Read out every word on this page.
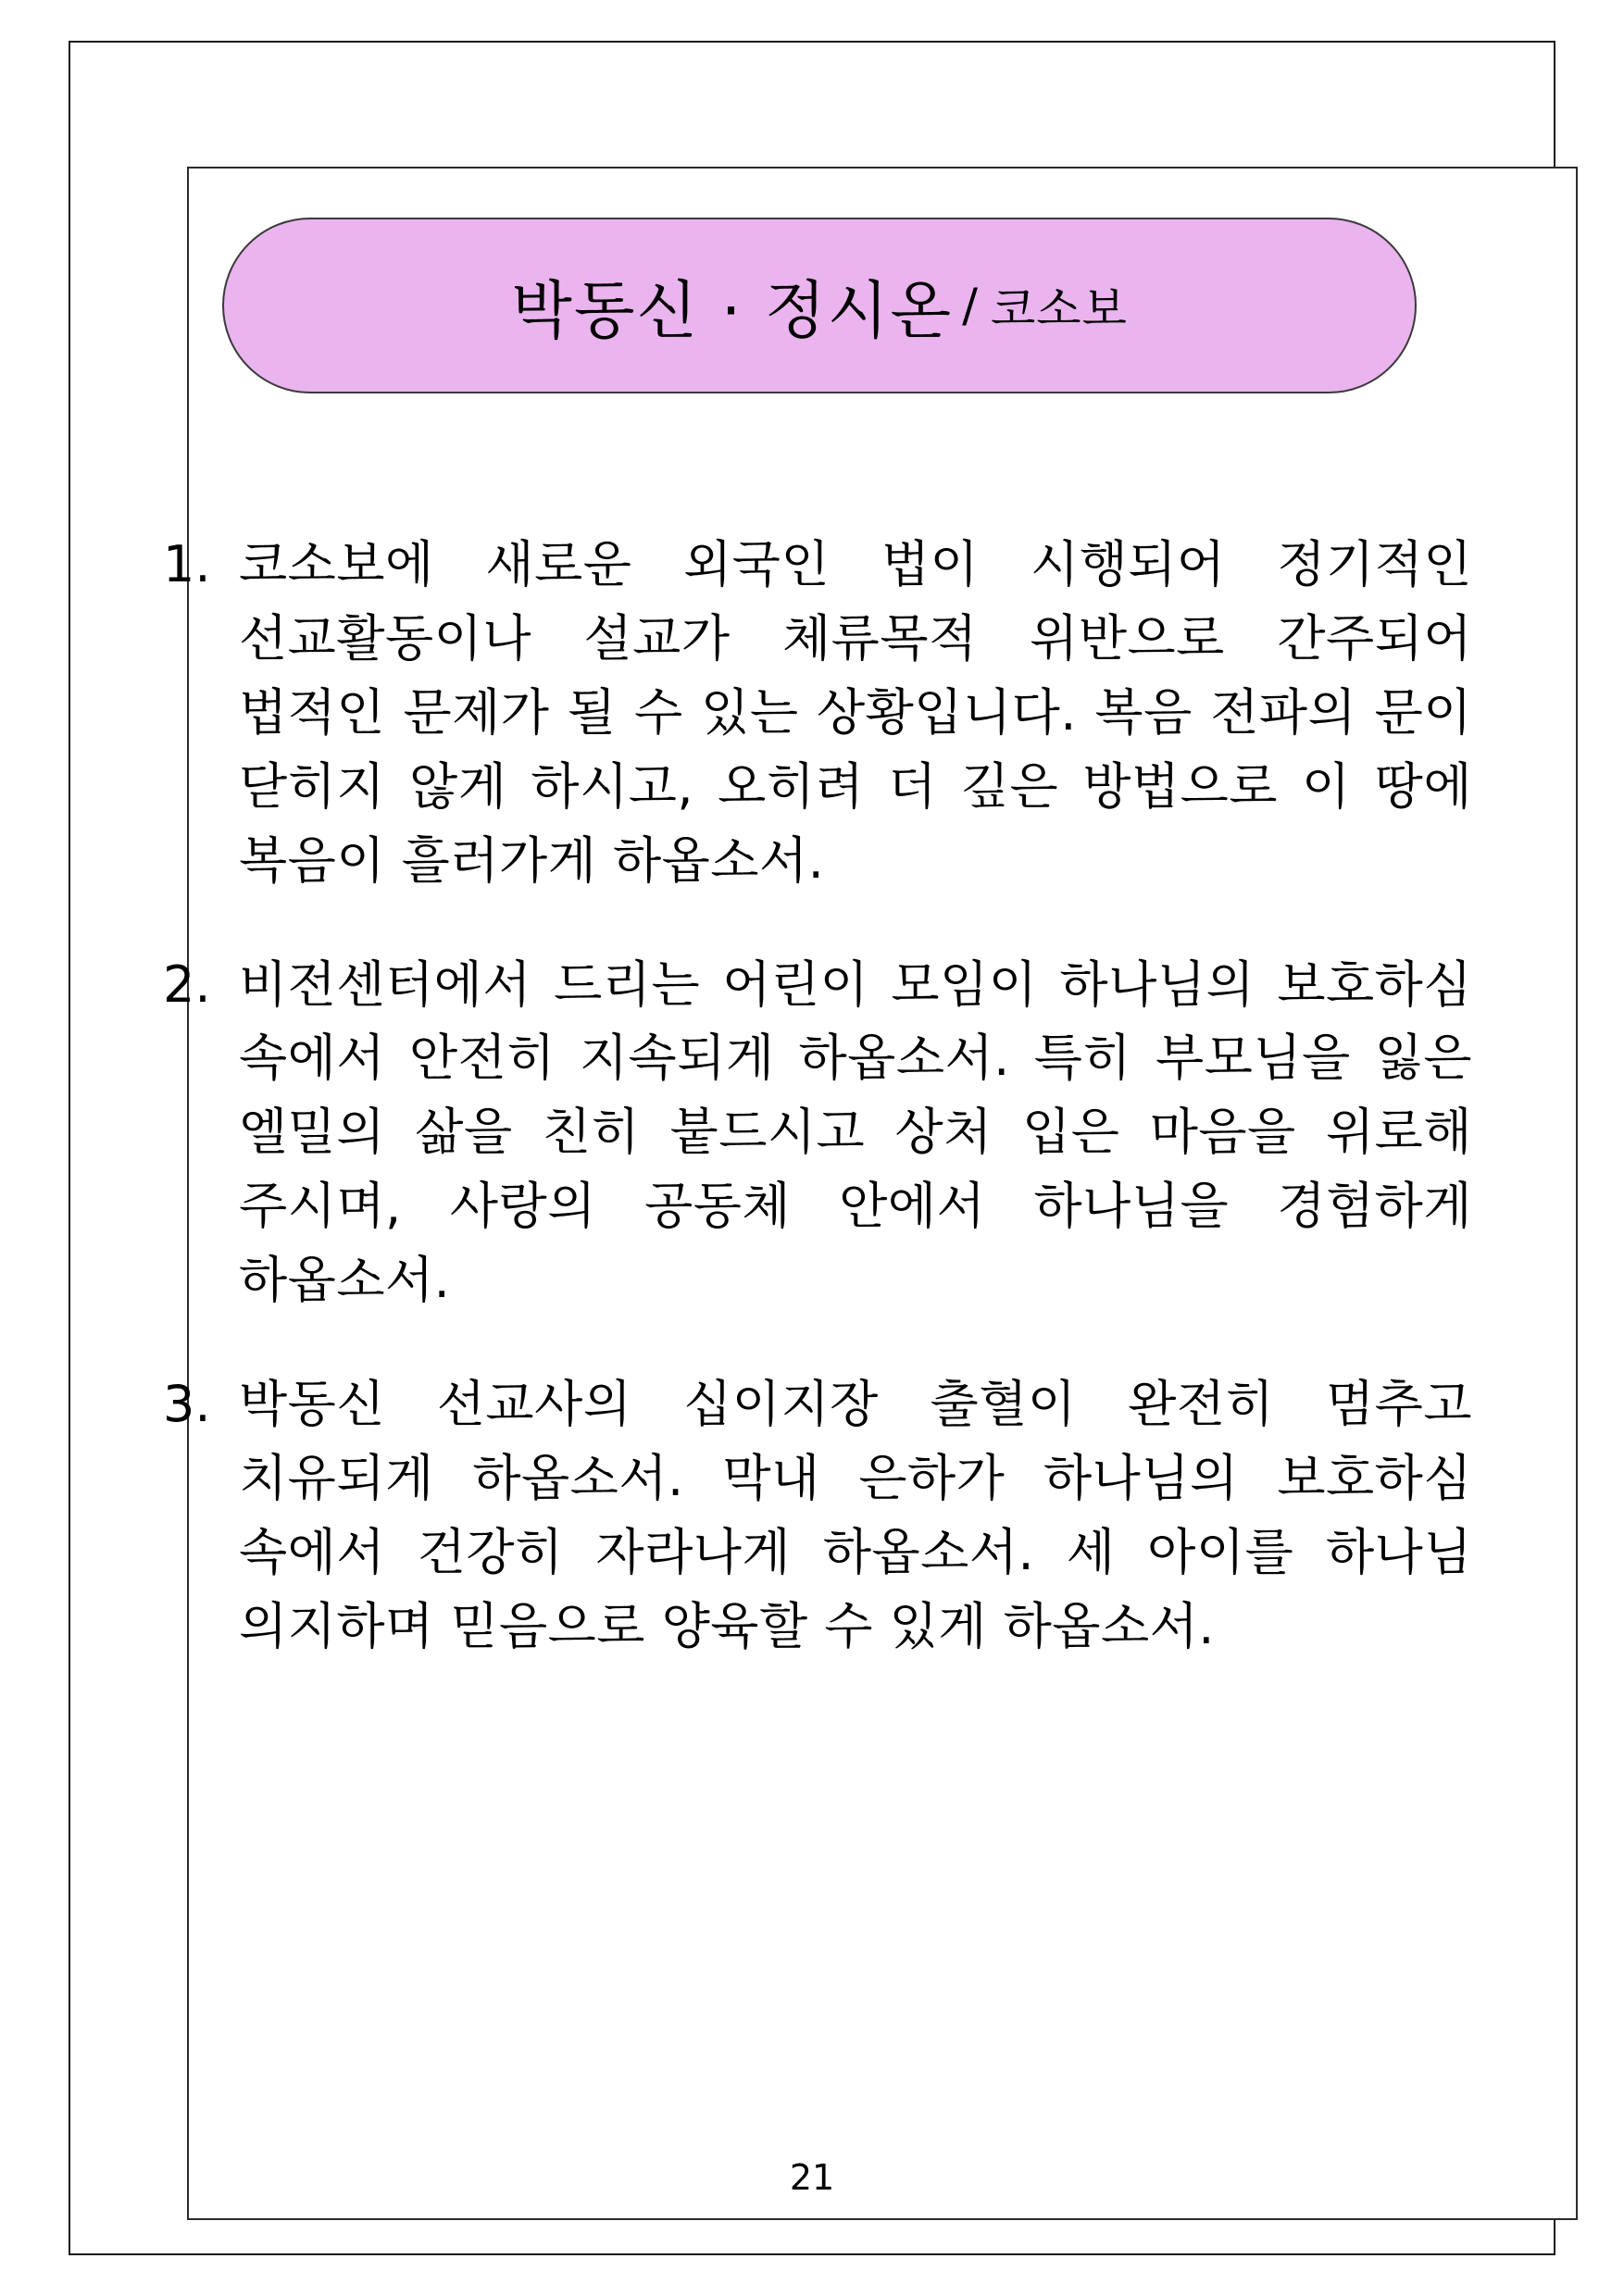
박동신 · 정시온 / 코소보
1. 코소보에 새로운 외국인 법이 시행되어 정기적인 선교활동이나 설교가 체류목적 위반으로 간주되어 법적인 문제가 될 수 있는 상황입니다. 복음 전파의 문이 닫히지 않게 하시고, 오히려 더 깊은 방법으로 이 땅에 복음이 흘러가게 하옵소서.
2. 비전센터에서 드리는 어린이 모임이 하나님의 보호하심 속에서 안전히 지속되게 하옵소서. 특히 부모님을 잃은 엘밀의 삶을 친히 붙드시고 상처 입은 마음을 위로해 주시며, 사랑의 공동체 안에서 하나님을 경험하게 하옵소서.
3. 박동신 선교사의 십이지장 출혈이 완전히 멈추고 치유되게 하옵소서. 막내 은하가 하나님의 보호하심 속에서 건강히 자라나게 하옵소서. 세 아이를 하나님 의지하며 믿음으로 양육할 수 있게 하옵소서.
21
